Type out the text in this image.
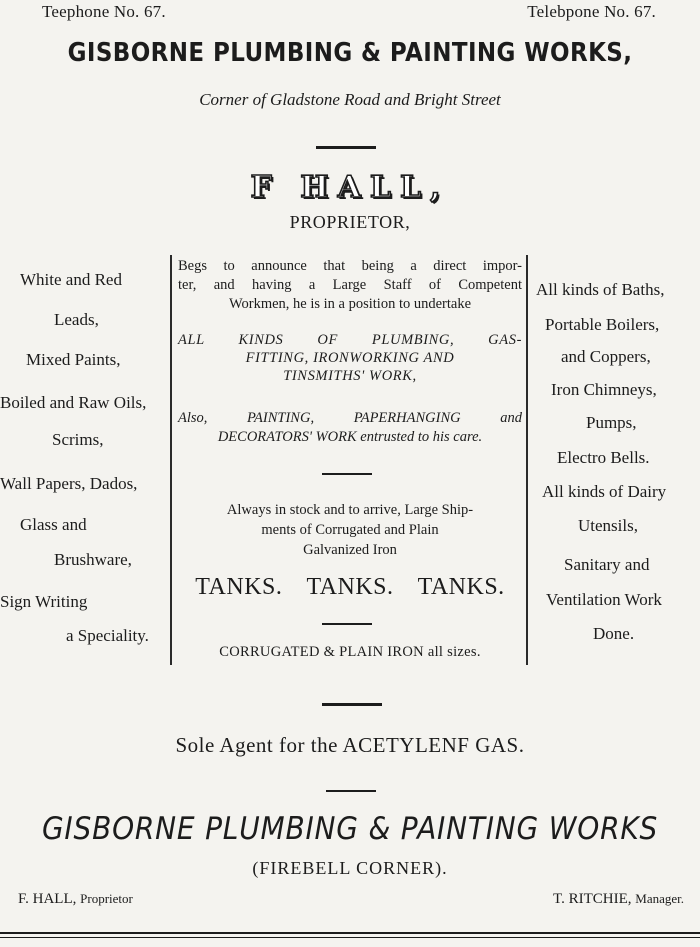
Teephone No. 67.	Telebpone No. 67.
GISBORNE PLUMBING & PAINTING WORKS,
Corner of Gladstone Road and Bright Street
F HALL,
PROPRIETOR,
White and Red
Leads,
Mixed Paints,
Boiled and Raw Oils,
Scrims,
Wall Papers, Dados,
Glass and
Brushware,
Sign Writing
a Speciality.
Begs to announce that being a direct impor-
ter, and having a Large Staff of Competent
Workmen, he is in a position to undertake
ALL KINDS OF PLUMBING, GAS-
FITTING, IRONWORKING AND
TINSMITHS' WORK,
Also, PAINTING, PAPERHANGING and
DECORATORS' WORK entrusted to his care.
Always in stock and to arrive, Large Ship-
ments of Corrugated and Plain
Galvanized Iron
TANKS. TANKS. TANKS.
CORRUGATED & PLAIN IRON all sizes.
All kinds of Baths,
Portable Boilers,
and Coppers,
Iron Chimneys,
Pumps,
Electro Bells.
All kinds of Dairy
Utensils,
Sanitary and
Ventilation Work
Done.
Sole Agent for the ACETYLENF GAS.
GISBORNE PLUMBING & PAINTING WORKS
(FIREBELL CORNER).
F. HALL, Proprietor	T. RITCHIE, Manager.
